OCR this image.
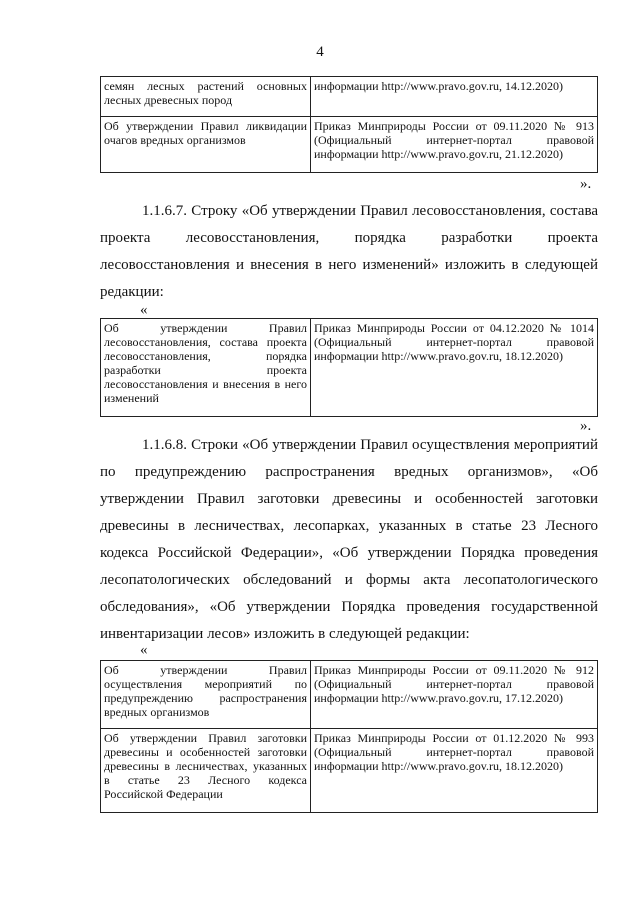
4
семян лесных растений основных лесных древесных пород	информации http://www.pravo.gov.ru, 14.12.2020)
Об утверждении Правил ликвидации очагов вредных организмов	Приказ Минприроды России от 09.11.2020 № 913 (Официальный интернет-портал правовой информации http://www.pravo.gov.ru, 21.12.2020)
».
1.1.6.7. Строку «Об утверждении Правил лесовосстановления, состава проекта лесовосстановления, порядка разработки проекта лесовосстановления и внесения в него изменений» изложить в следующей редакции:
«
Об утверждении Правил лесовосстановления, состава проекта лесовосстановления, порядка разработки проекта лесовосстановления и внесения в него изменений	Приказ Минприроды России от 04.12.2020 № 1014 (Официальный интернет-портал правовой информации http://www.pravo.gov.ru, 18.12.2020)
».
1.1.6.8. Строки «Об утверждении Правил осуществления мероприятий по предупреждению распространения вредных организмов», «Об утверждении Правил заготовки древесины и особенностей заготовки древесины в лесничествах, лесопарках, указанных в статье 23 Лесного кодекса Российской Федерации», «Об утверждении Порядка проведения лесопатологических обследований и формы акта лесопатологического обследования», «Об утверждении Порядка проведения государственной инвентаризации лесов» изложить в следующей редакции:
«
Об утверждении Правил осуществления мероприятий по предупреждению распространения вредных организмов	Приказ Минприроды России от 09.11.2020 № 912 (Официальный интернет-портал правовой информации http://www.pravo.gov.ru, 17.12.2020)
Об утверждении Правил заготовки древесины и особенностей заготовки древесины в лесничествах, указанных в статье 23 Лесного кодекса Российской Федерации	Приказ Минприроды России от 01.12.2020 № 993 (Официальный интернет-портал правовой информации http://www.pravo.gov.ru, 18.12.2020)
